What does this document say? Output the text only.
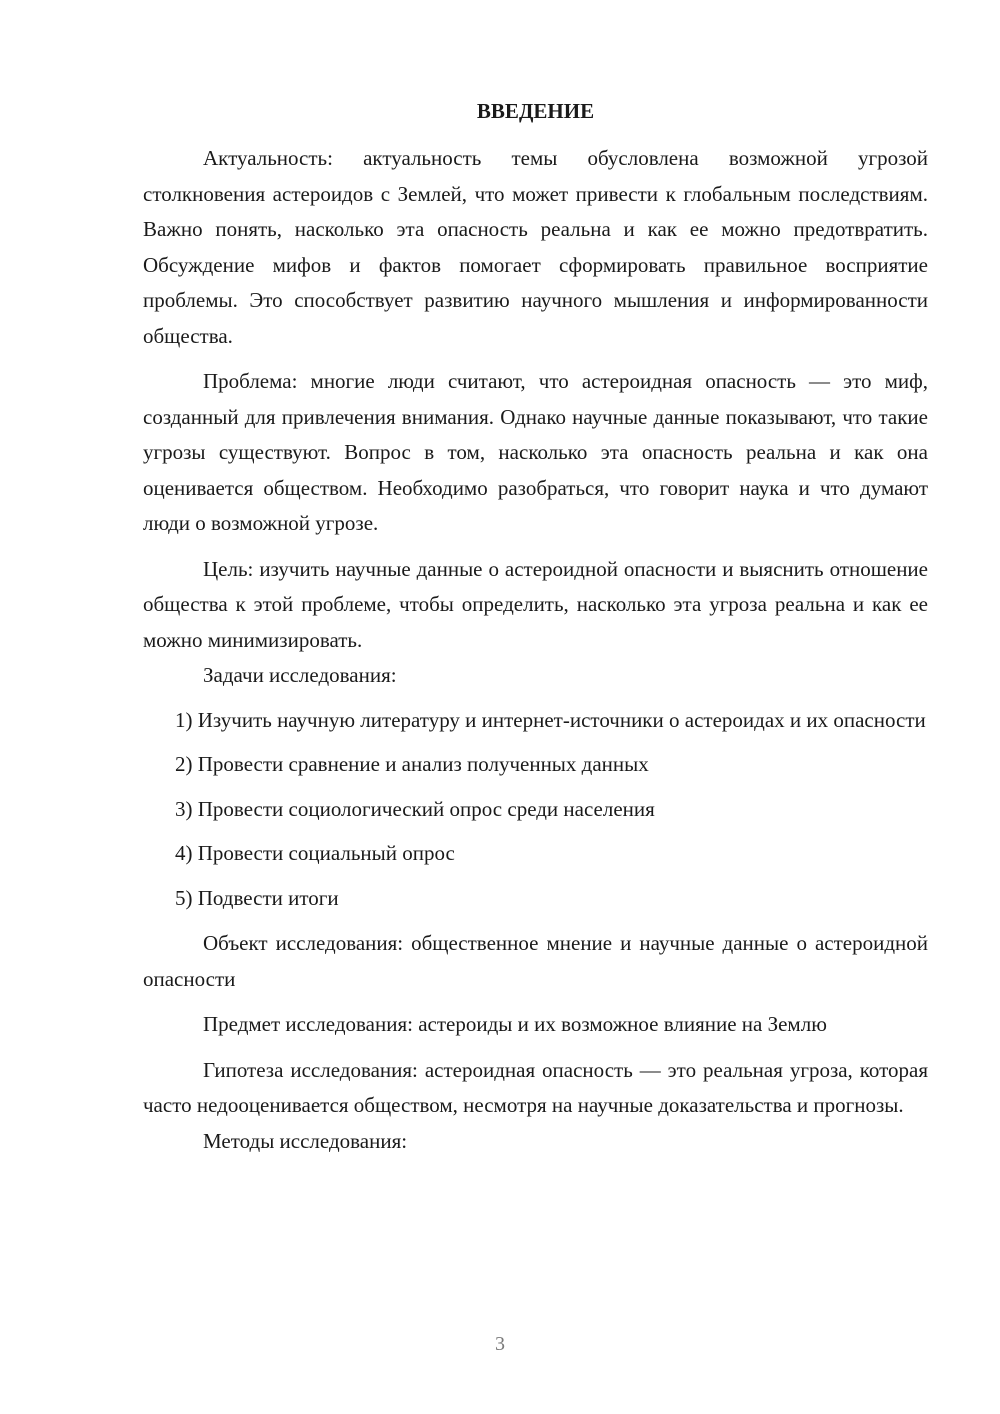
ВВЕДЕНИЕ

Актуальность: актуальность темы обусловлена возможной угрозой столкновения астероидов с Землей, что может привести к глобальным последствиям. Важно понять, насколько эта опасность реальна и как ее можно предотвратить. Обсуждение мифов и фактов помогает сформировать правильное восприятие проблемы. Это способствует развитию научного мышления и информированности общества.

Проблема: многие люди считают, что астероидная опасность — это миф, созданный для привлечения внимания. Однако научные данные показывают, что такие угрозы существуют. Вопрос в том, насколько эта опасность реальна и как она оценивается обществом. Необходимо разобраться, что говорит наука и что думают люди о возможной угрозе.

Цель: изучить научные данные о астероидной опасности и выяснить отношение общества к этой проблеме, чтобы определить, насколько эта угроза реальна и как ее можно минимизировать.

Задачи исследования:

1) Изучить научную литературу и интернет-источники о астероидах и их опасности

2) Провести сравнение и анализ полученных данных

3) Провести социологический опрос среди населения

4) Провести социальный опрос

5) Подвести итоги

Объект исследования: общественное мнение и научные данные о астероидной опасности

Предмет исследования: астероиды и их возможное влияние на Землю

Гипотеза исследования: астероидная опасность — это реальная угроза, которая часто недооценивается обществом, несмотря на научные доказательства и прогнозы.

Методы исследования:

3
